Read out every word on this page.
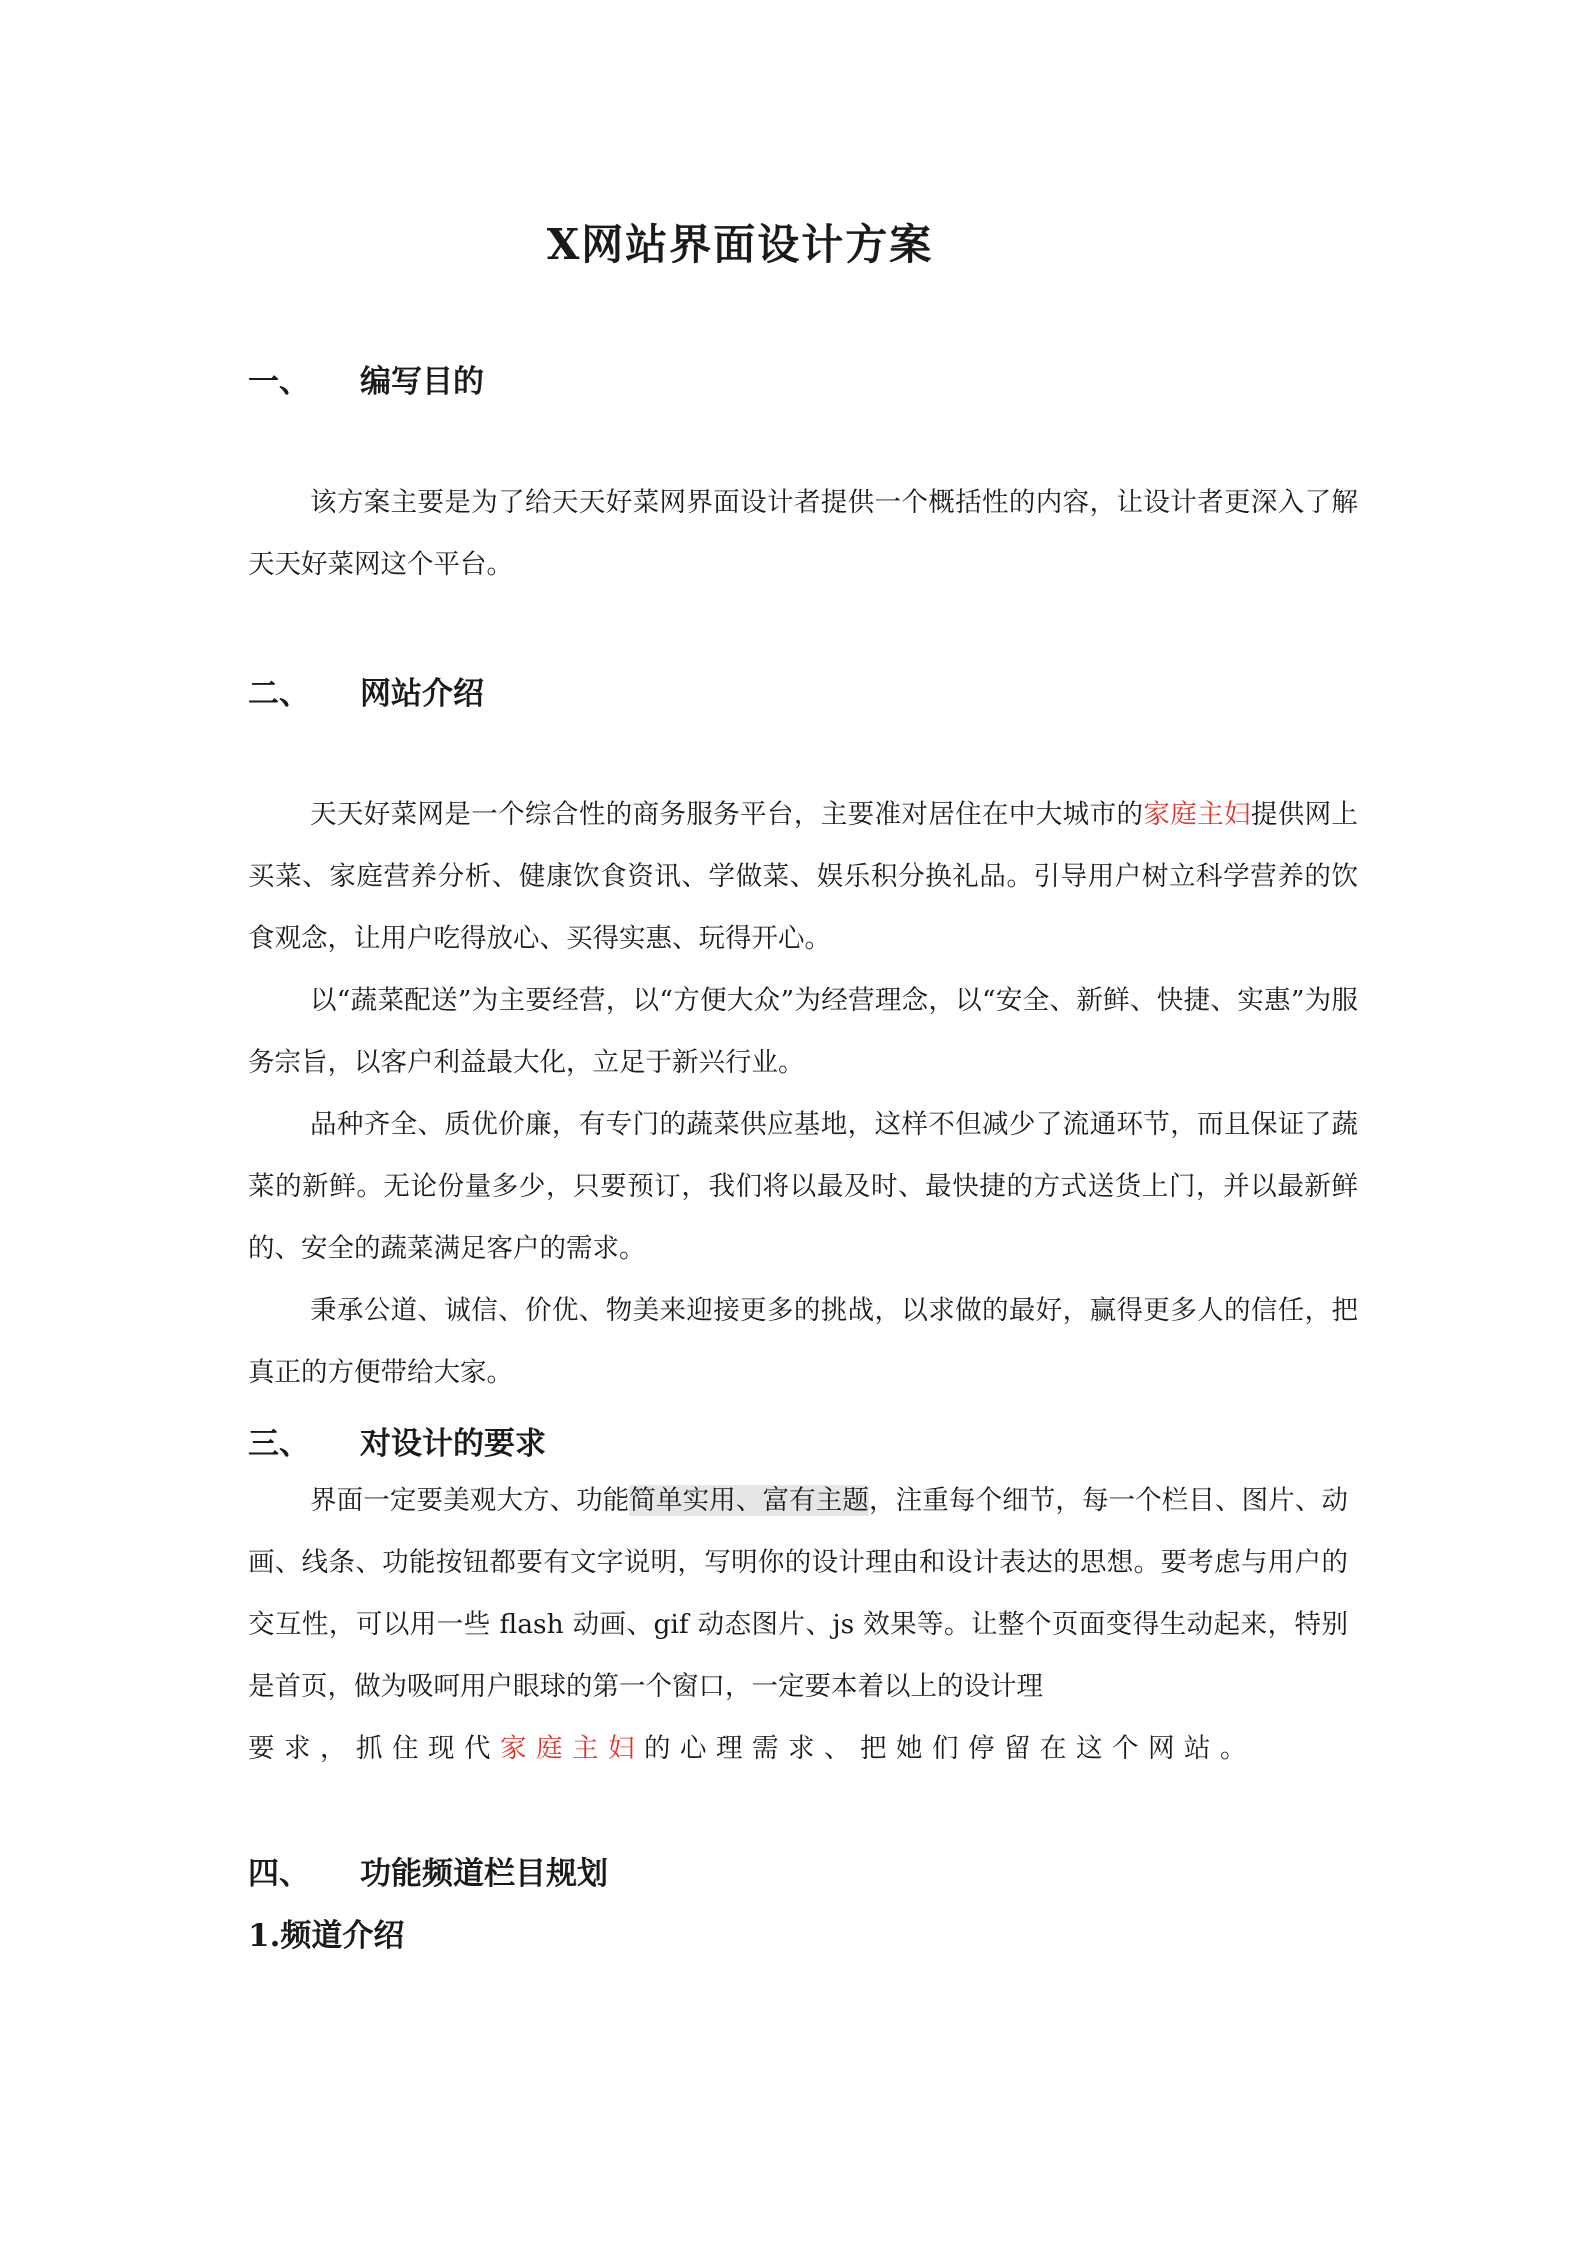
X网站界面设计方案
一、 编写目的
该方案主要是为了给天天好菜网界面设计者提供一个概括性的内容，让设计者更深入了解天天好菜网这个平台。
二、 网站介绍
天天好菜网是一个综合性的商务服务平台，主要准对居住在中大城市的家庭主妇提供网上买菜、家庭营养分析、健康饮食资讯、学做菜、娱乐积分换礼品。引导用户树立科学营养的饮食观念，让用户吃得放心、买得实惠、玩得开心。
以“蔬菜配送”为主要经营，以“方便大众”为经营理念，以“安全、新鲜、快捷、实惠”为服务宗旨，以客户利益最大化，立足于新兴行业。
品种齐全、质优价廉，有专门的蔬菜供应基地，这样不但减少了流通环节，而且保证了蔬菜的新鲜。无论份量多少，只要预订，我们将以最及时、最快捷的方式送货上门，并以最新鲜的、安全的蔬菜满足客户的需求。
秉承公道、诚信、价优、物美来迎接更多的挑战，以求做的最好，赢得更多人的信任，把真正的方便带给大家。
三、 对设计的要求
界面一定要美观大方、功能简单实用、富有主题，注重每个细节，每一个栏目、图片、动画、线条、功能按钮都要有文字说明，写明你的设计理由和设计表达的思想。要考虑与用户的交互性，可以用一些 flash 动画、gif 动态图片、js 效果等。让整个页面变得生动起来，特别是首页，做为吸呵用户眼球的第一个窗口，一定要本着以上的设计理
要求，抓住现代家庭主妇的心理需求、把她们停留在这个网站。
四、 功能频道栏目规划
1.频道介绍
